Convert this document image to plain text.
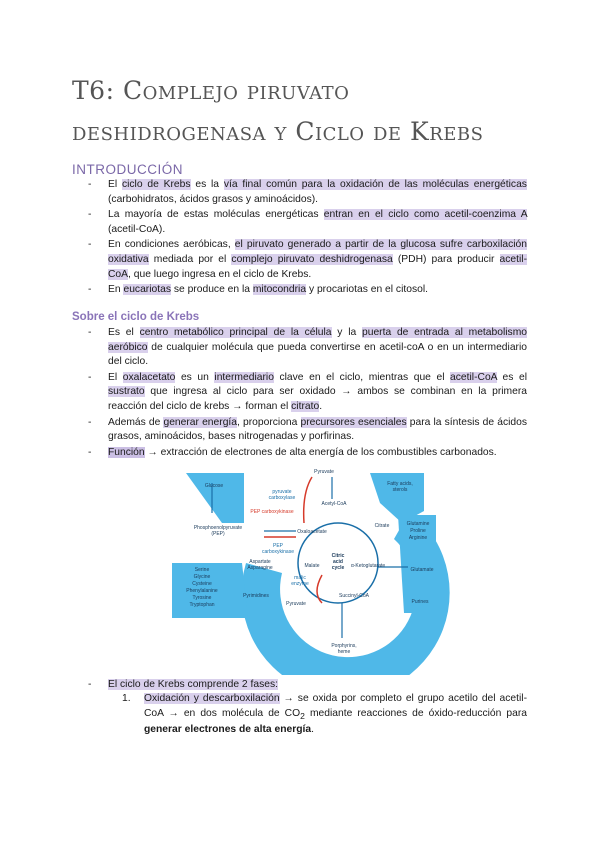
T6: Complejo piruvato deshidrogenasa y Ciclo de Krebs
INTRODUCCIÓN
- El ciclo de Krebs es la vía final común para la oxidación de las moléculas energéticas (carbohidratos, ácidos grasos y aminoácidos).
- La mayoría de estas moléculas energéticas entran en el ciclo como acetil-coenzima A (acetil-CoA).
- En condiciones aeróbicas, el piruvato generado a partir de la glucosa sufre carboxilación oxidativa mediada por el complejo piruvato deshidrogenasa (PDH) para producir acetil-CoA, que luego ingresa en el ciclo de Krebs.
- En eucariotas se produce en la mitocondria y procariotas en el citosol.
Sobre el ciclo de Krebs
- Es el centro metabólico principal de la célula y la puerta de entrada al metabolismo aeróbico de cualquier molécula que pueda convertirse en acetil-coA o en un intermediario del ciclo.
- El oxalacetato es un intermediario clave en el ciclo, mientras que el acetil-CoA es el sustrato que ingresa al ciclo para ser oxidado → ambos se combinan en la primera reacción del ciclo de krebs → forman el citrato.
- Además de generar energía, proporciona precursores esenciales para la síntesis de ácidos grasos, aminoácidos, bases nitrogenadas y porfirinas.
- Función → extracción de electrones de alta energía de los combustibles carbonados.
Glucose
Pyruvate
Acetyl-CoA
Fatty acids,
sterols
pyruvate
carboxylase
PEP carboxykinase
Phosphoenolpyruvate
(PEP)	Oxaloacetate
Citrate
PEP
carboxykinase
Citric
acid
cycle α-Ketoglutarate
Glutamate
Glutamine
Proline
Arginine
Purines
Serine
Glycine
Cysteine
Phenylalanine
Tyrosine
Tryptophan
Aspartate
Asparagine
Pyrimidines
malic
enzyme
Malate
Pyruvate
Succinyl-CoA
Porphyrins,
heme
- El ciclo de Krebs comprende 2 fases:
1. Oxidación y descarboxilación → se oxida por completo el grupo acetilo del acetil-CoA → en dos molécula de $CO_2$ mediante reacciones de óxido-reducción para generar electrones de alta energía.
